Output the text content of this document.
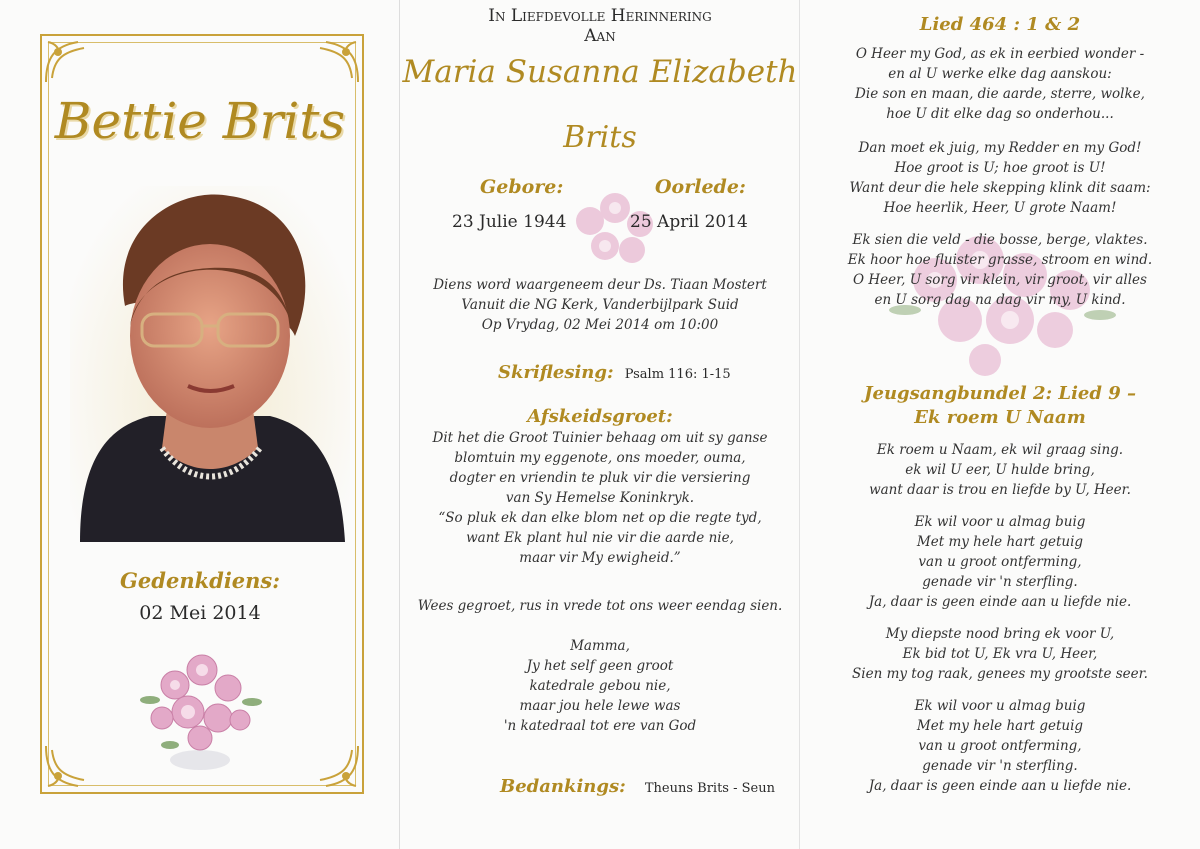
Bettie Brits
Gedenkdiens:
02 Mei 2014
In Liefdevolle Herinnering
Aan
Maria Susanna Elizabeth
Brits
Gebore:	Oorlede:
23 Julie 1944	25 April 2014
Diens word waargeneem deur Ds. Tiaan Mostert
Vanuit die NG Kerk, Vanderbijlpark Suid
Op Vrydag, 02 Mei 2014 om 10:00
Skriflesing: Psalm 116: 1-15
Afskeidsgroet:
Dit het die Groot Tuinier behaag om uit sy ganse
blomtuin my eggenote, ons moeder, ouma,
dogter en vriendin te pluk vir die versiering
van Sy Hemelse Koninkryk.
“So pluk ek dan elke blom net op die regte tyd,
want Ek plant hul nie vir die aarde nie,
maar vir My ewigheid.”
Wees gegroet, rus in vrede tot ons weer eendag sien.
Mamma,
Jy het self geen groot
katedrale gebou nie,
maar jou hele lewe was
'n katedraal tot ere van God
Bedankings: Theuns Brits - Seun
Lied 464 : 1 & 2
O Heer my God, as ek in eerbied wonder -
en al U werke elke dag aanskou:
Die son en maan, die aarde, sterre, wolke,
hoe U dit elke dag so onderhou...
Dan moet ek juig, my Redder en my God!
Hoe groot is U; hoe groot is U!
Want deur die hele skepping klink dit saam:
Hoe heerlik, Heer, U grote Naam!
Ek sien die veld - die bosse, berge, vlaktes.
Ek hoor hoe fluister grasse, stroom en wind.
O Heer, U sorg vir klein, vir groot, vir alles
en U sorg dag na dag vir my, U kind.
Jeugsangbundel 2: Lied 9 –
Ek roem U Naam
Ek roem u Naam, ek wil graag sing.
ek wil U eer, U hulde bring,
want daar is trou en liefde by U, Heer.
Ek wil voor u almag buig
Met my hele hart getuig
van u groot ontferming,
genade vir 'n sterfling.
Ja, daar is geen einde aan u liefde nie.
My diepste nood bring ek voor U,
Ek bid tot U, Ek vra U, Heer,
Sien my tog raak, genees my grootste seer.
Ek wil voor u almag buig
Met my hele hart getuig
van u groot ontferming,
genade vir 'n sterfling.
Ja, daar is geen einde aan u liefde nie.
